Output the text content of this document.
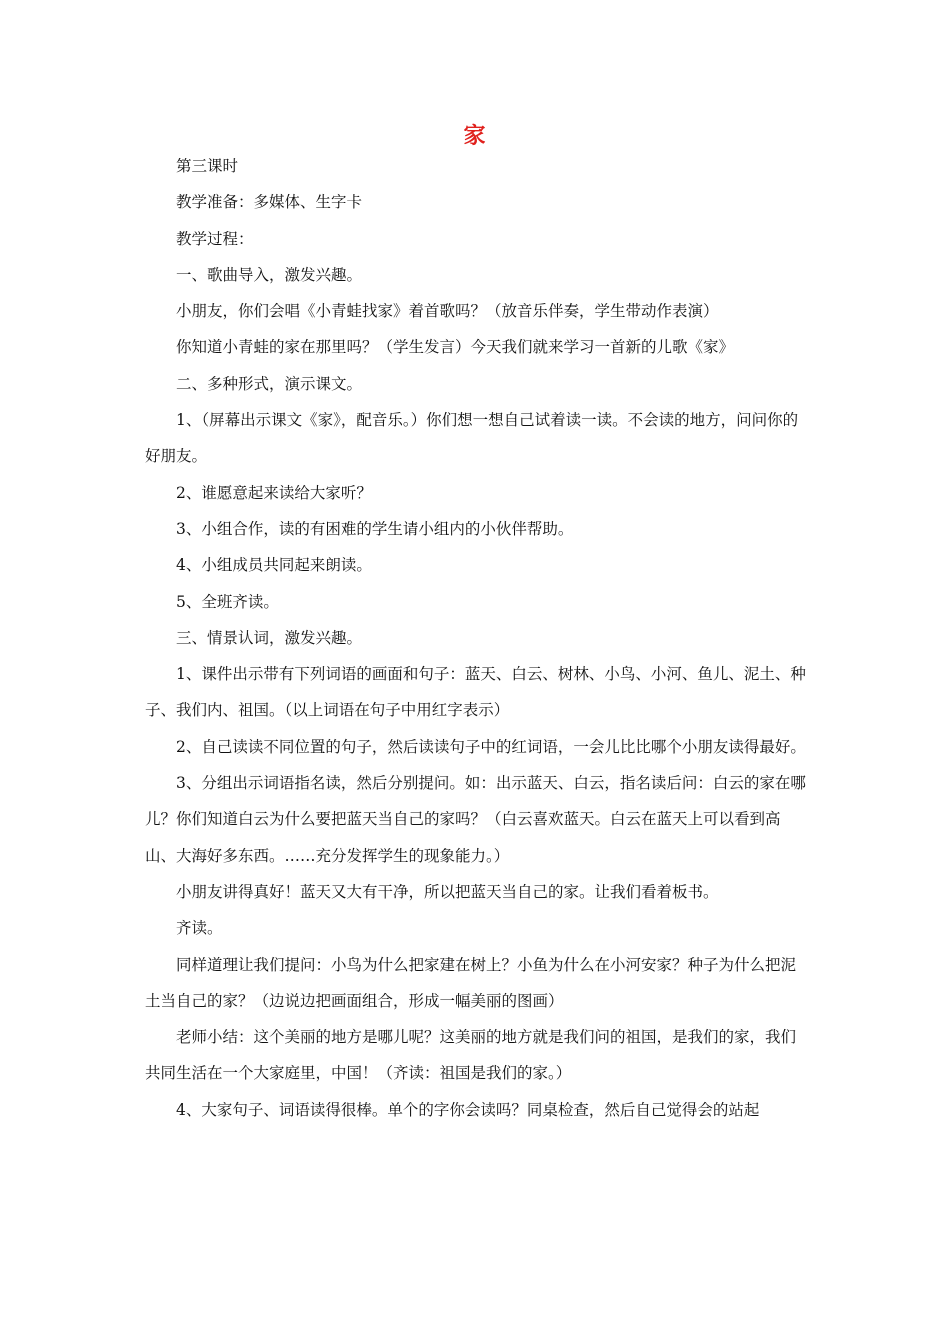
家

第三课时

教学准备：多媒体、生字卡

教学过程：

一、歌曲导入，激发兴趣。

小朋友，你们会唱《小青蛙找家》着首歌吗？（放音乐伴奏，学生带动作表演）

你知道小青蛙的家在那里吗？（学生发言）今天我们就来学习一首新的儿歌《家》

二、多种形式，演示课文。

1、（屏幕出示课文《家》，配音乐。）你们想一想自己试着读一读。不会读的地方，问问你的好朋友。

2、谁愿意起来读给大家听？

3、小组合作，读的有困难的学生请小组内的小伙伴帮助。

4、小组成员共同起来朗读。

5、全班齐读。

三、情景认词，激发兴趣。

1、课件出示带有下列词语的画面和句子：蓝天、白云、树林、小鸟、小河、鱼儿、泥土、种子、我们内、祖国。（以上词语在句子中用红字表示）

2、自己读读不同位置的句子，然后读读句子中的红词语，一会儿比比哪个小朋友读得最好。

3、分组出示词语指名读，然后分别提问。如：出示蓝天、白云，指名读后问：白云的家在哪儿？你们知道白云为什么要把蓝天当自己的家吗？（白云喜欢蓝天。白云在蓝天上可以看到高山、大海好多东西。……充分发挥学生的现象能力。）

小朋友讲得真好！蓝天又大有干净，所以把蓝天当自己的家。让我们看着板书。

齐读。

同样道理让我们提问：小鸟为什么把家建在树上？小鱼为什么在小河安家？种子为什么把泥土当自己的家？（边说边把画面组合，形成一幅美丽的图画）

老师小结：这个美丽的地方是哪儿呢？这美丽的地方就是我们问的祖国，是我们的家，我们共同生活在一个大家庭里，中国！（齐读：祖国是我们的家。）

4、大家句子、词语读得很棒。单个的字你会读吗？同桌检查，然后自己觉得会的站起
